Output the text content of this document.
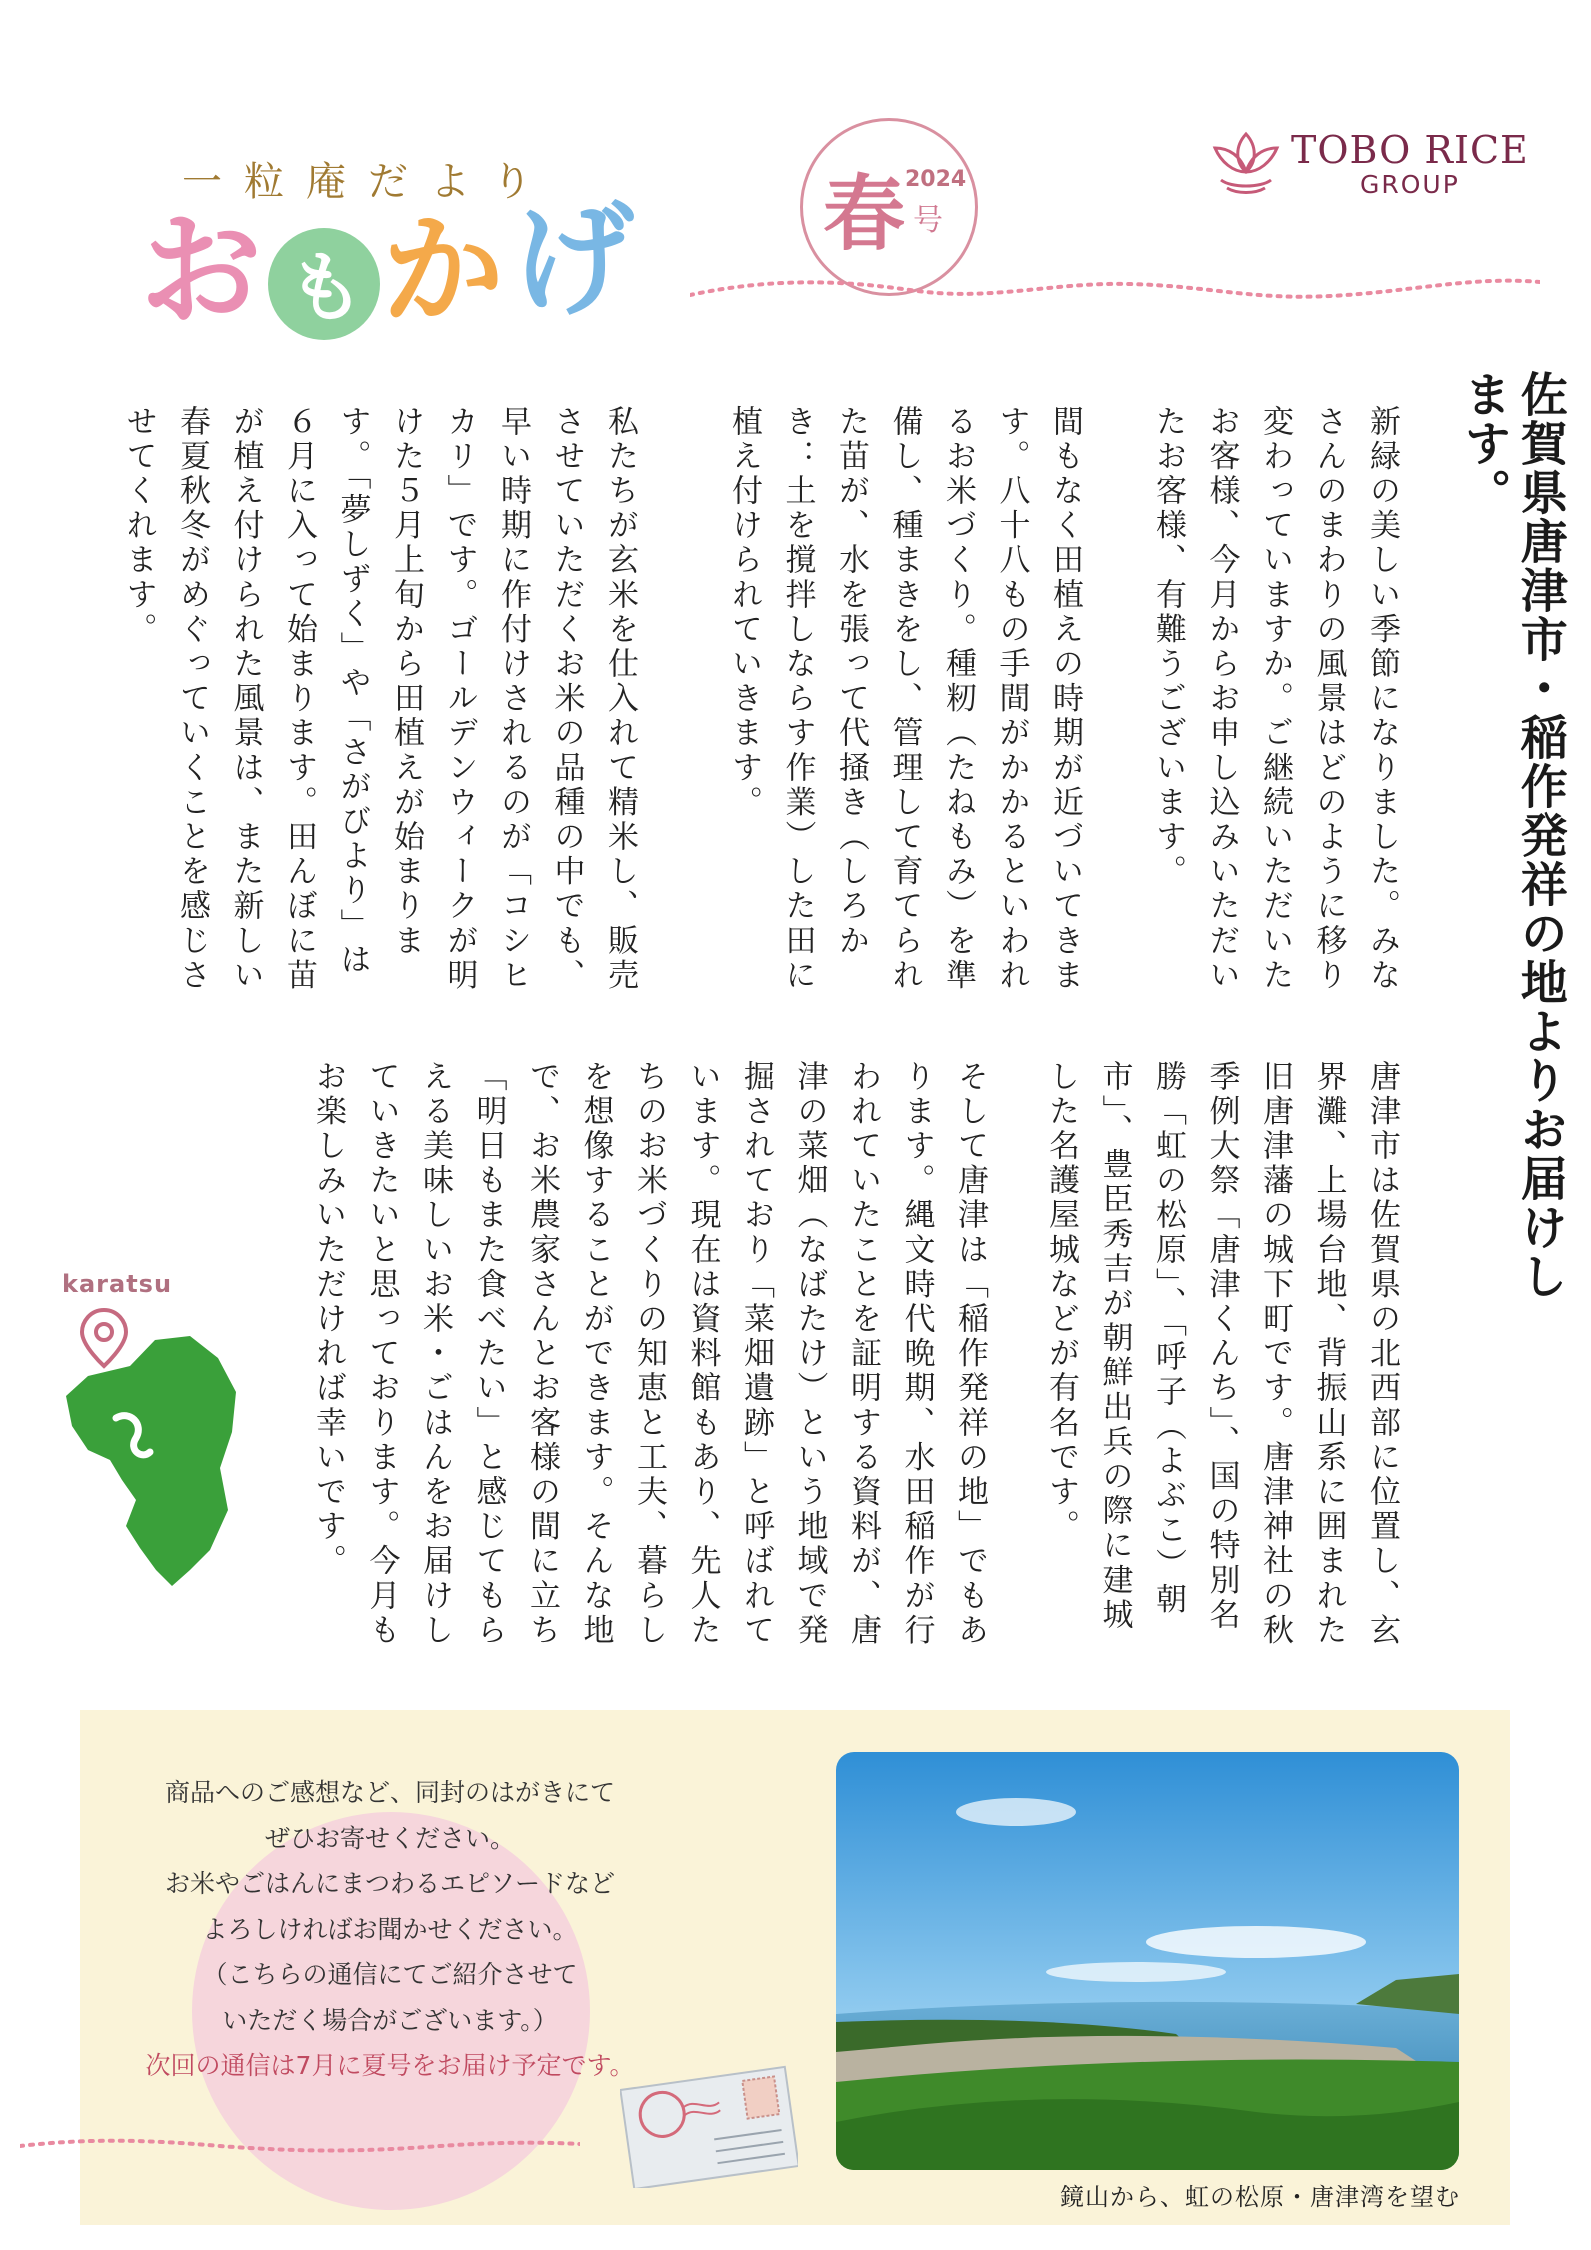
一粒庵だより
お も か げ 春 2024
号
TOBO RICE
GROUP
佐賀県唐津市・稲作発祥の地よりお届けします。
新緑の美しい季節になりました。みなさんのまわりの風景はどのように移り変わっていますか。ご継続いただいたお客様、今月からお申し込みいただいたお客様、有難うございます。
間もなく田植えの時期が近づいてきます。八十八もの手間がかかるといわれるお米づくり。種籾（たねもみ）を準備し、種まきをし、管理して育てられた苗が、水を張って代掻き（しろかき：土を撹拌しならす作業）した田に植え付けられていきます。
私たちが玄米を仕入れて精米し、販売させていただくお米の品種の中でも、早い時期に作付けされるのが「コシヒカリ」です。ゴールデンウィークが明けた５月上旬から田植えが始まります。「夢しずく」や「さがびより」は６月に入って始まります。田んぼに苗が植え付けられた風景は、また新しい春夏秋冬がめぐっていくことを感じさせてくれます。
唐津市は佐賀県の北西部に位置し、玄界灘、上場台地、背振山系に囲まれた旧唐津藩の城下町です。唐津神社の秋季例大祭「唐津くんち」、国の特別名勝「虹の松原」、「呼子（よぶこ）朝市」、豊臣秀吉が朝鮮出兵の際に建城した名護屋城などが有名です。
そして唐津は「稲作発祥の地」でもあります。縄文時代晩期、水田稲作が行われていたことを証明する資料が、唐津の菜畑（なばたけ）という地域で発掘されており「菜畑遺跡」と呼ばれています。現在は資料館もあり、先人たちのお米づくりの知恵と工夫、暮らしを想像することができます。そんな地で、お米農家さんとお客様の間に立ち「明日もまた食べたい」と感じてもらえる美味しいお米・ごはんをお届けしていきたいと思っております。今月もお楽しみいただければ幸いです。
karatsu
商品へのご感想など、同封のはがきにて
ぜひお寄せください。
お米やごはんにまつわるエピソードなど
よろしければお聞かせください。
（こちらの通信にてご紹介させて
いただく場合がございます。）
次回の通信は7月に夏号をお届け予定です。
鏡山から、虹の松原・唐津湾を望む
